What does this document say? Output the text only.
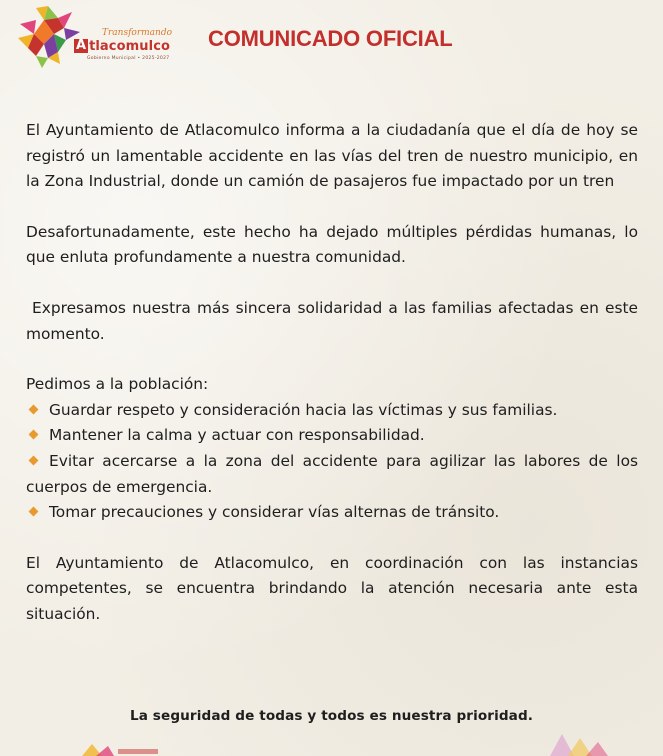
Transformando
A tlacomulco
Gobierno Municipal • 2025-2027
COMUNICADO OFICIAL

El Ayuntamiento de Atlacomulco informa a la ciudadanía que el día de hoy se registró un lamentable accidente en las vías del tren de nuestro municipio, en la Zona Industrial, donde un camión de pasajeros fue impactado por un tren

Desafortunadamente, este hecho ha dejado múltiples pérdidas humanas, lo que enluta profundamente a nuestra comunidad.

Expresamos nuestra más sincera solidaridad a las familias afectadas en este momento.

Pedimos a la población:

Guardar respeto y consideración hacia las víctimas y sus familias.
Mantener la calma y actuar con responsabilidad.
Evitar acercarse a la zona del accidente para agilizar las labores de los cuerpos de emergencia.
Tomar precauciones y considerar vías alternas de tránsito.

El Ayuntamiento de Atlacomulco, en coordinación con las instancias competentes, se encuentra brindando la atención necesaria ante esta situación.

La seguridad de todas y todos es nuestra prioridad.
